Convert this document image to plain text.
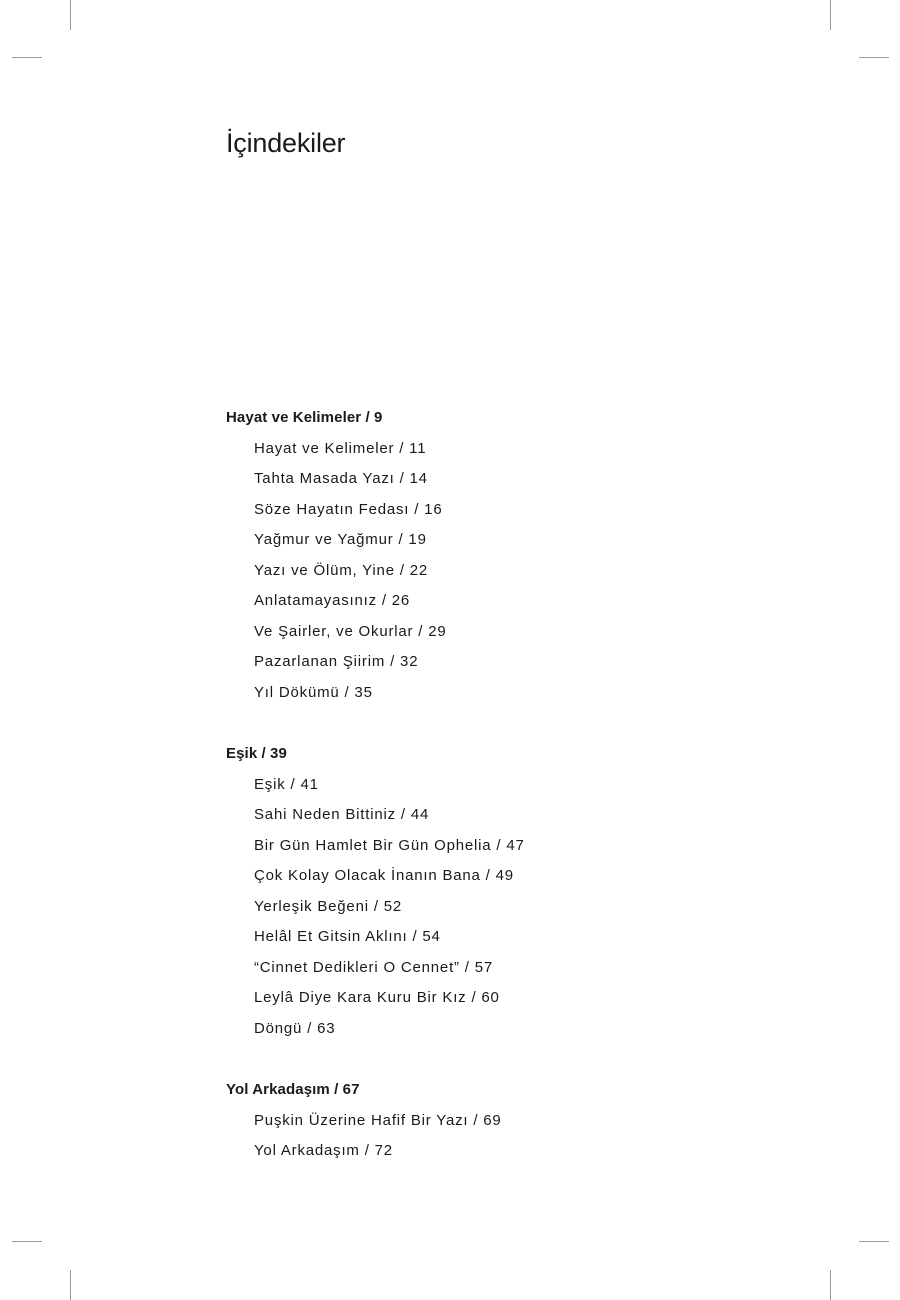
İçindekiler
Hayat ve Kelimeler / 9
Hayat ve Kelimeler / 11
Tahta Masada Yazı / 14
Söze Hayatın Fedası / 16
Yağmur ve Yağmur / 19
Yazı ve Ölüm, Yine / 22
Anlatamayasınız / 26
Ve Şairler, ve Okurlar / 29
Pazarlanan Şiirim / 32
Yıl Dökümü / 35
Eşik / 39
Eşik / 41
Sahi Neden Bittiniz / 44
Bir Gün Hamlet Bir Gün Ophelia / 47
Çok Kolay Olacak İnanın Bana / 49
Yerleşik Beğeni / 52
Helâl Et Gitsin Aklını / 54
“Cinnet Dedikleri O Cennet” / 57
Leylâ Diye Kara Kuru Bir Kız / 60
Döngü / 63
Yol Arkadaşım / 67
Puşkin Üzerine Hafif Bir Yazı / 69
Yol Arkadaşım / 72
